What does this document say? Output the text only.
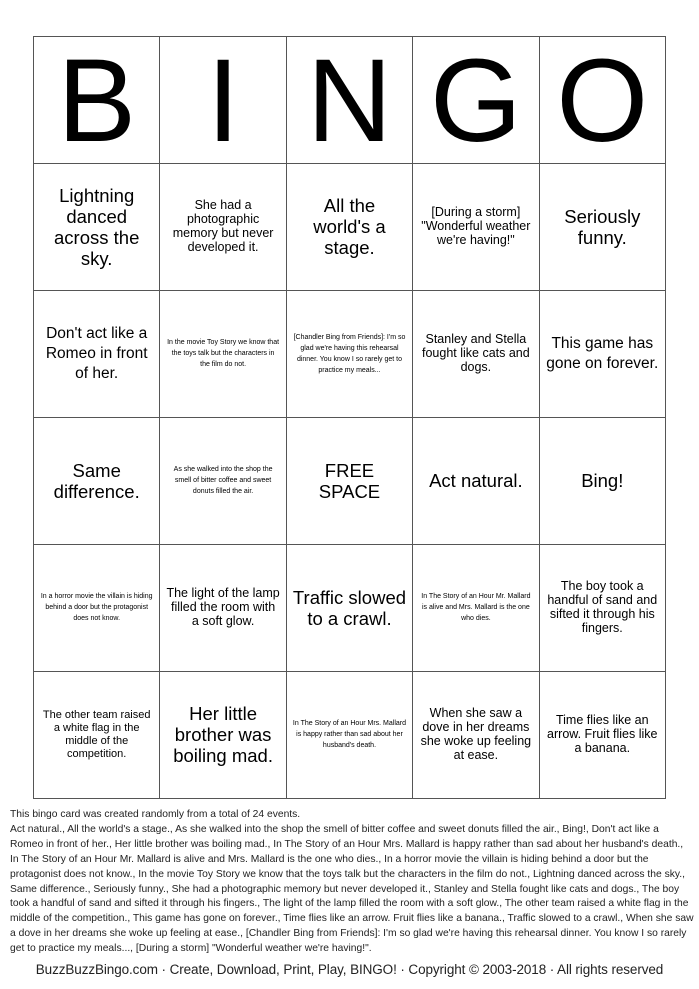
B	I	N	G	O

Lightning danced across the sky.	She had a photographic memory but never developed it.	All the world's a stage.	[During a storm] "Wonderful weather we're having!"	Seriously funny.
Don't act like a Romeo in front of her.	In the movie Toy Story we know that the toys talk but the characters in the film do not.	[Chandler Bing from Friends]: I'm so glad we're having this rehearsal dinner. You know I so rarely get to practice my meals...	Stanley and Stella fought like cats and dogs.	This game has gone on forever.
Same difference.	As she walked into the shop the smell of bitter coffee and sweet donuts filled the air.	FREE SPACE	Act natural.	Bing!
In a horror movie the villain is hiding behind a door but the protagonist does not know.	The light of the lamp filled the room with a soft glow.	Traffic slowed to a crawl.	In The Story of an Hour Mr. Mallard is alive and Mrs. Mallard is the one who dies.	The boy took a handful of sand and sifted it through his fingers.
The other team raised a white flag in the middle of the competition.	Her little brother was boiling mad.	In The Story of an Hour Mrs. Mallard is happy rather than sad about her husband's death.	When she saw a dove in her dreams she woke up feeling at ease.	Time flies like an arrow. Fruit flies like a banana.

This bingo card was created randomly from a total of 24 events.

Act natural., All the world's a stage., As she walked into the shop the smell of bitter coffee and sweet donuts filled the air., Bing!, Don't act like a Romeo in front of her., Her little brother was boiling mad., In The Story of an Hour Mrs. Mallard is happy rather than sad about her husband's death., In The Story of an Hour Mr. Mallard is alive and Mrs. Mallard is the one who dies., In a horror movie the villain is hiding behind a door but the protagonist does not know., In the movie Toy Story we know that the toys talk but the characters in the film do not., Lightning danced across the sky., Same difference., Seriously funny., She had a photographic memory but never developed it., Stanley and Stella fought like cats and dogs., The boy took a handful of sand and sifted it through his fingers., The light of the lamp filled the room with a soft glow., The other team raised a white flag in the middle of the competition., This game has gone on forever., Time flies like an arrow. Fruit flies like a banana., Traffic slowed to a crawl., When she saw a dove in her dreams she woke up feeling at ease., [Chandler Bing from Friends]: I'm so glad we're having this rehearsal dinner. You know I so rarely get to practice my meals..., [During a storm] "Wonderful weather we're having!".

BuzzBuzzBingo.com · Create, Download, Print, Play, BINGO! · Copyright © 2003-2018 · All rights reserved
